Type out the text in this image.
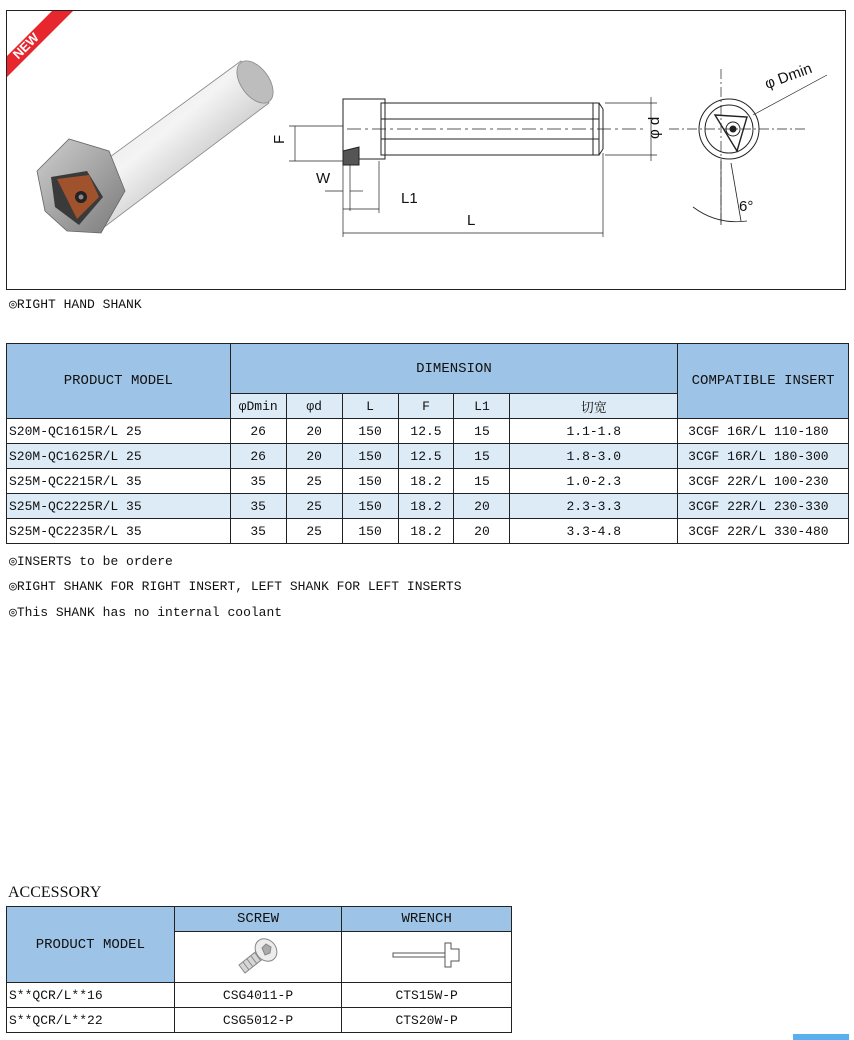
NEW
F
W
L1
L
φ d
φ Dmin
6°
◎RIGHT HAND SHANK
PRODUCT MODEL	DIMENSION						COMPATIBLE INSERT
	φDmin	φd	L	F	L1	切宽	
S20M-QC1615R/L 25	26	20	150	12.5	15	1.1-1.8	3CGF 16R/L 110-180
S20M-QC1625R/L 25	26	20	150	12.5	15	1.8-3.0	3CGF 16R/L 180-300
S25M-QC2215R/L 35	35	25	150	18.2	15	1.0-2.3	3CGF 22R/L 100-230
S25M-QC2225R/L 35	35	25	150	18.2	20	2.3-3.3	3CGF 22R/L 230-330
S25M-QC2235R/L 35	35	25	150	18.2	20	3.3-4.8	3CGF 22R/L 330-480
◎INSERTS to be ordere
◎RIGHT SHANK FOR RIGHT INSERT, LEFT SHANK FOR LEFT INSERTS
◎This SHANK has no internal coolant
ACCESSORY
PRODUCT MODEL	SCREW	WRENCH

S**QCR/L**16	CSG4011-P	CTS15W-P
S**QCR/L**22	CSG5012-P	CTS20W-P
